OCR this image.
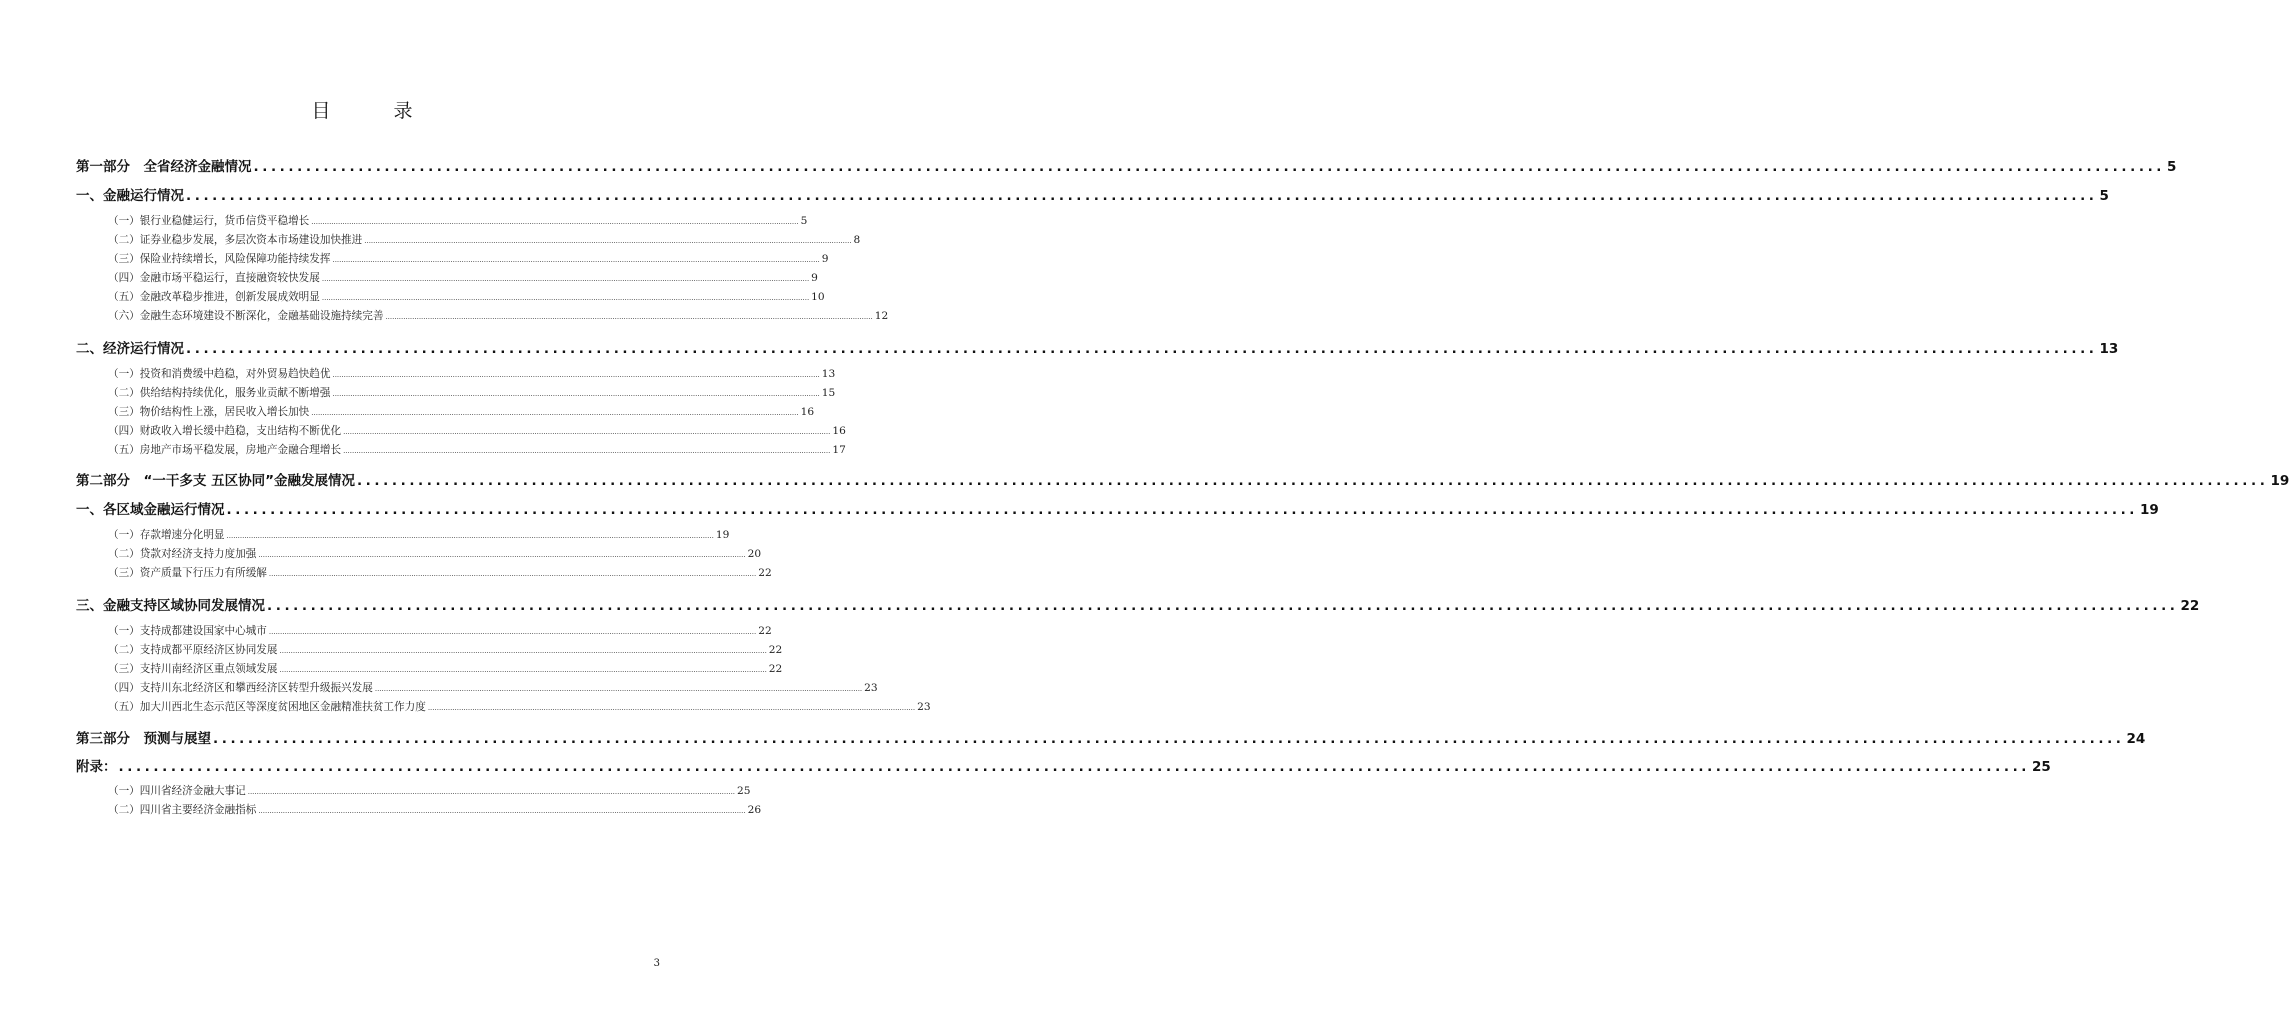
目　录
第一部分　全省经济金融情况 ........................................................................................................................................................................................................................... 5
一、金融运行情况 ........................................................................................................................................................................................................................... 5
（一）银行业稳健运行，货币信贷平稳增长 ........................................................................................................................................................................................................................... 5
（二）证券业稳步发展，多层次资本市场建设加快推进 ........................................................................................................................................................................................................................... 8
（三）保险业持续增长，风险保障功能持续发挥 ........................................................................................................................................................................................................................... 9
（四）金融市场平稳运行，直接融资较快发展 ........................................................................................................................................................................................................................... 9
（五）金融改革稳步推进，创新发展成效明显 ........................................................................................................................................................................................................................... 10
（六）金融生态环境建设不断深化，金融基础设施持续完善 ........................................................................................................................................................................................................................... 12
二、经济运行情况 ........................................................................................................................................................................................................................... 13
（一）投资和消费缓中趋稳，对外贸易趋快趋优 ........................................................................................................................................................................................................................... 13
（二）供给结构持续优化，服务业贡献不断增强 ........................................................................................................................................................................................................................... 15
（三）物价结构性上涨，居民收入增长加快 ........................................................................................................................................................................................................................... 16
（四）财政收入增长缓中趋稳，支出结构不断优化 ........................................................................................................................................................................................................................... 16
（五）房地产市场平稳发展，房地产金融合理增长 ........................................................................................................................................................................................................................... 17
第二部分　“一干多支 五区协同”金融发展情况 ........................................................................................................................................................................................................................... 19
一、各区域金融运行情况 ........................................................................................................................................................................................................................... 19
（一）存款增速分化明显 ........................................................................................................................................................................................................................... 19
（二）贷款对经济支持力度加强 ........................................................................................................................................................................................................................... 20
（三）资产质量下行压力有所缓解 ........................................................................................................................................................................................................................... 22
三、金融支持区域协同发展情况 ........................................................................................................................................................................................................................... 22
（一）支持成都建设国家中心城市 ........................................................................................................................................................................................................................... 22
（二）支持成都平原经济区协同发展 ........................................................................................................................................................................................................................... 22
（三）支持川南经济区重点领域发展 ........................................................................................................................................................................................................................... 22
（四）支持川东北经济区和攀西经济区转型升级振兴发展 ........................................................................................................................................................................................................................... 23
（五）加大川西北生态示范区等深度贫困地区金融精准扶贫工作力度 ........................................................................................................................................................................................................................... 23
第三部分　预测与展望 ........................................................................................................................................................................................................................... 24
附录： ........................................................................................................................................................................................................................... 25
（一）四川省经济金融大事记 ........................................................................................................................................................................................................................... 25
（二）四川省主要经济金融指标 ........................................................................................................................................................................................................................... 26
3
